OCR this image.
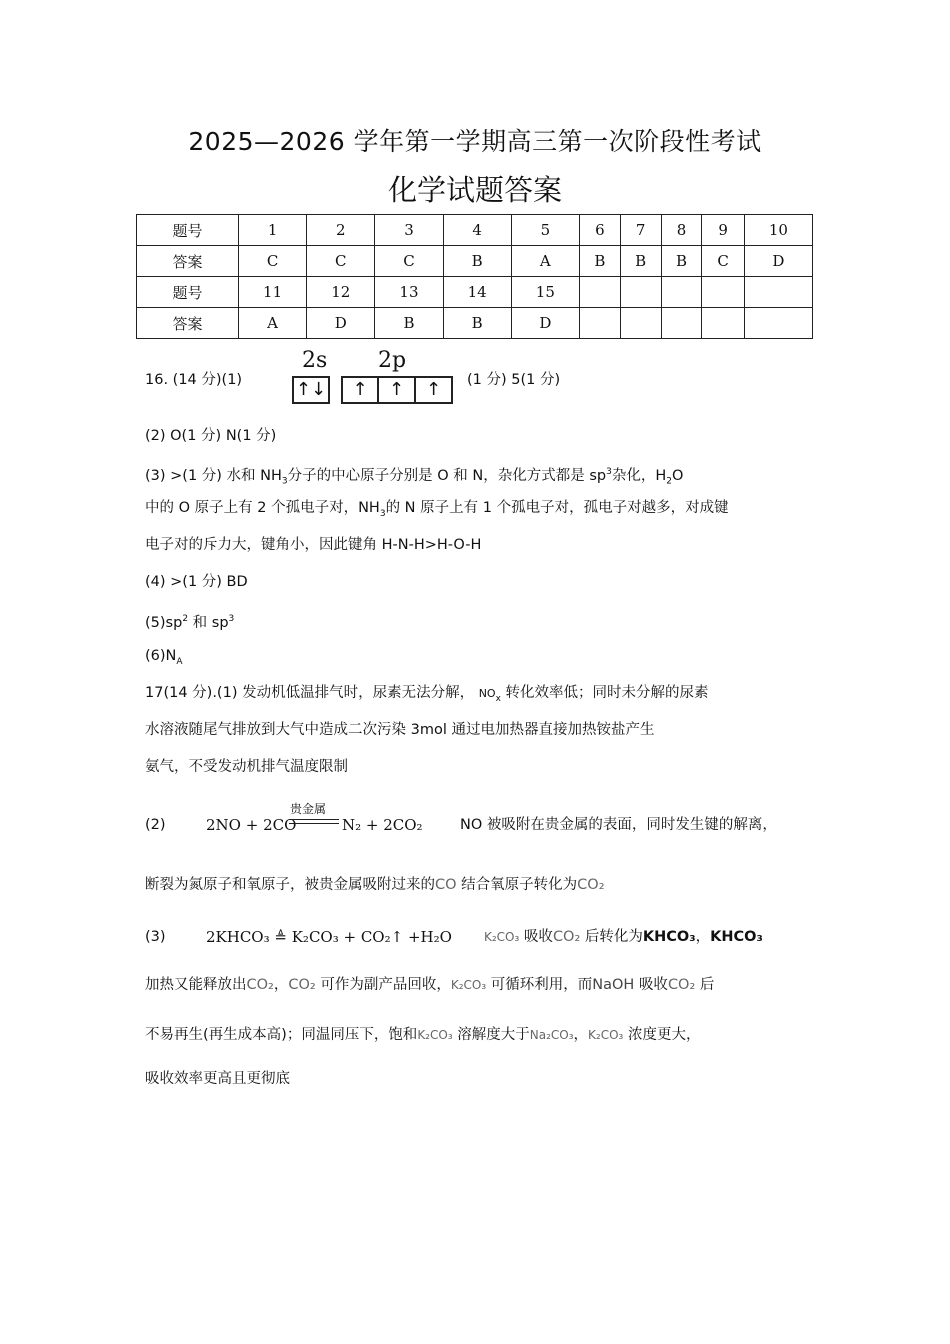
2025—2026 学年第一学期高三第一次阶段性考试
化学试题答案
题号	1	2	3	4	5	6	7	8	9	10
答案	C	C	C	B	A	B	B	B	C	D
题号	11	12	13	14	15					
答案	A	D	B	B	D					
16. (14 分)(1)
2s 2p
↑↓	↑	↑	↑	(1 分) 5(1 分)
(2) O(1 分) N(1 分)
(3) >(1 分) 水和 $NH_3$分子的中心原子分别是 O 和 N，杂化方式都是 $sp^3$杂化，$H_2O$
中的 O 原子上有 2 个孤电子对，$NH_3$的 N 原子上有 1 个孤电子对，孤电子对越多，对成键
电子对的斥力大，键角小，因此键角 H-N-H>H-O-H
(4) >(1 分) BD
$(5)sp^2$ 和 $sp^3$
$(6)N_A$
17(14 分).(1) 发动机低温排气时，尿素无法分解， $NO_x$ 转化效率低；同时未分解的尿素
水溶液随尾气排放到大气中造成二次污染 3mol 通过电加热器直接加热铵盐产生
氨气，不受发动机排气温度限制
(2)	2NO + 2CO
贵金属
N₂ + 2CO₂	NO 被吸附在贵金属的表面，同时发生键的解离，
断裂为氮原子和氧原子，被贵金属吸附过来的CO 结合氧原子转化为CO₂
(3)	2KHCO₃ ≜ K₂CO₃ + CO₂↑ +H₂O	K₂CO₃ 吸收CO₂ 后转化为KHCO₃，KHCO₃
加热又能释放出CO₂，CO₂ 可作为副产品回收，K₂CO₃ 可循环利用，而NaOH 吸收CO₂ 后
不易再生(再生成本高)；同温同压下，饱和K₂CO₃ 溶解度大于Na₂CO₃，K₂CO₃ 浓度更大，
吸收效率更高且更彻底
